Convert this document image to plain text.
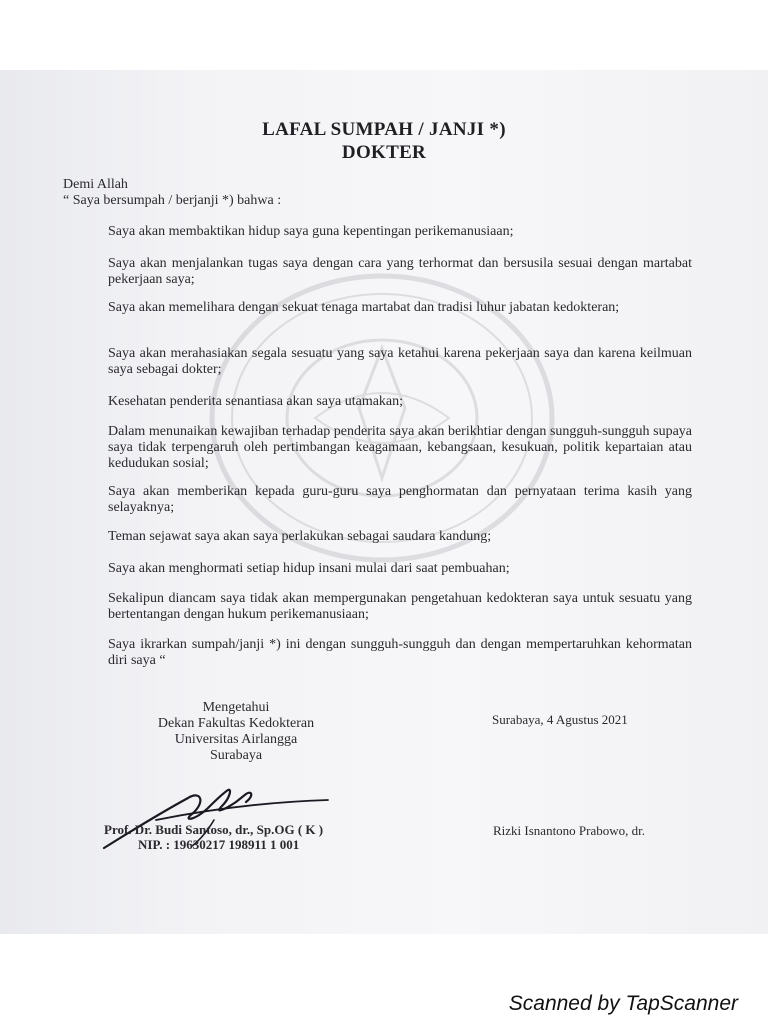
LAFAL SUMPAH / JANJI *)
DOKTER
Demi Allah
“ Saya bersumpah / berjanji *) bahwa :
Saya akan membaktikan hidup saya guna kepentingan perikemanusiaan;
Saya akan menjalankan tugas saya dengan cara yang terhormat dan bersusila sesuai dengan martabat pekerjaan saya;
Saya akan memelihara dengan sekuat tenaga martabat dan tradisi luhur jabatan kedokteran;
Saya akan merahasiakan segala sesuatu yang saya ketahui karena pekerjaan saya dan karena keilmuan saya sebagai dokter;
Kesehatan penderita senantiasa akan saya utamakan;
Dalam menunaikan kewajiban terhadap penderita saya akan berikhtiar dengan sungguh-sungguh supaya saya tidak terpengaruh oleh pertimbangan keagamaan, kebangsaan, kesukuan, politik kepartaian atau kedudukan sosial;
Saya akan memberikan kepada guru-guru saya penghormatan dan pernyataan terima kasih yang selayaknya;
Teman sejawat saya akan saya perlakukan sebagai saudara kandung;
Saya akan menghormati setiap hidup insani mulai dari saat pembuahan;
Sekalipun diancam saya tidak akan mempergunakan pengetahuan kedokteran saya untuk sesuatu yang bertentangan dengan hukum perikemanusiaan;
Saya ikrarkan sumpah/janji *) ini dengan sungguh-sungguh dan dengan mempertaruhkan kehormatan diri saya “
Mengetahui
Dekan Fakultas Kedokteran
Universitas Airlangga
Surabaya
Surabaya, 4 Agustus 2021
Prof. Dr. Budi Santoso, dr., Sp.OG ( K )
NIP. : 19630217 198911 1 001
Rizki Isnantono Prabowo, dr.
Scanned by TapScanner
